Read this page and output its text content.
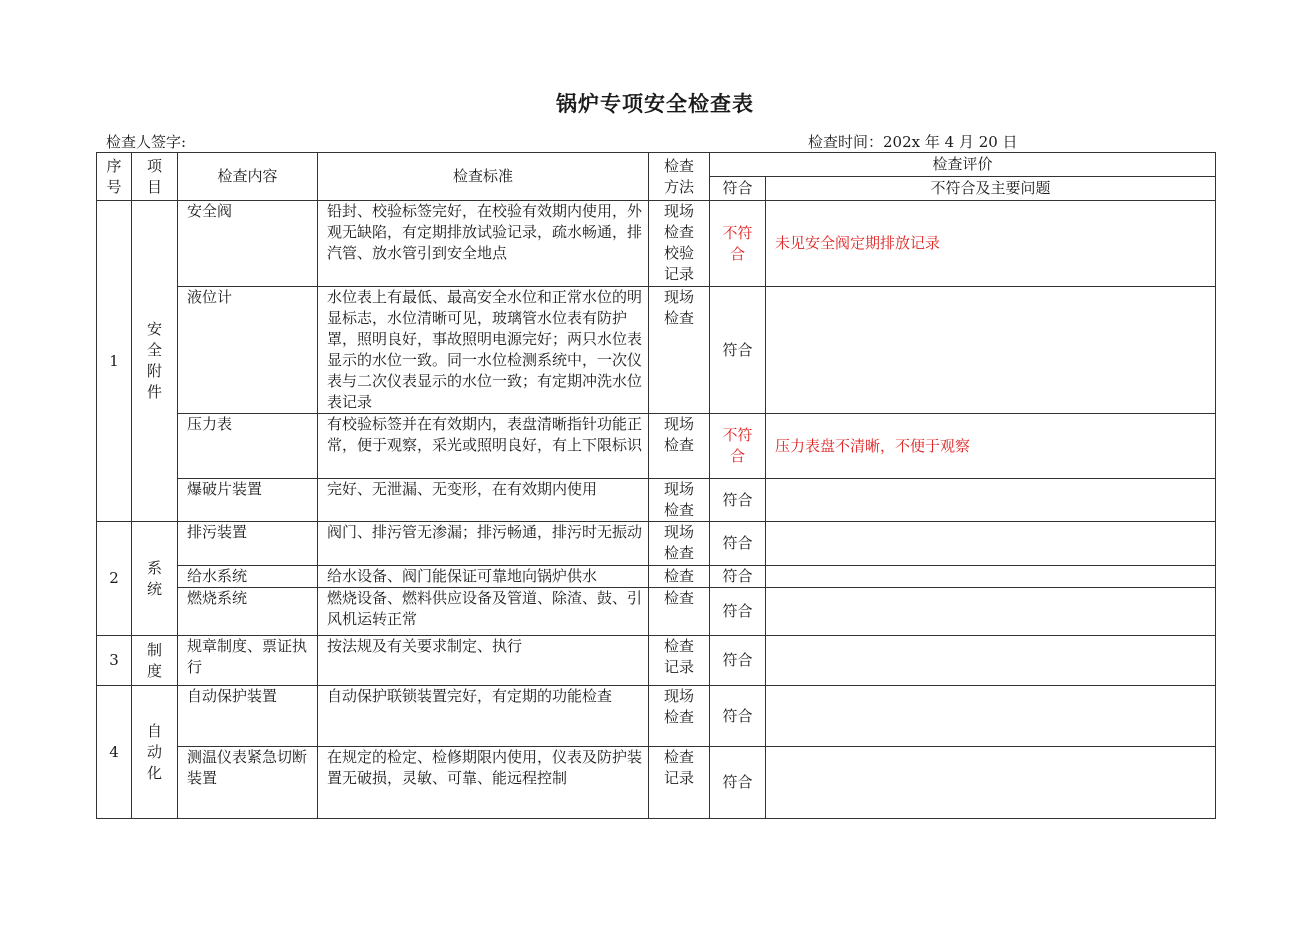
锅炉专项安全检查表
检查人签字:	检查时间：202x 年 4 月 20 日
序号	项目	检查内容	检查标准	检查方法	检查评价	
					符合	不符合及主要问题
1	安全附件	安全阀	铅封、校验标签完好，在校验有效期内使用，外观无缺陷，有定期排放试验记录，疏水畅通，排汽管、放水管引到安全地点	现场检查校验记录	不符合	未见安全阀定期排放记录
		液位计	水位表上有最低、最高安全水位和正常水位的明显标志，水位清晰可见，玻璃管水位表有防护罩，照明良好，事故照明电源完好；两只水位表显示的水位一致。同一水位检测系统中，一次仪表与二次仪表显示的水位一致；有定期冲洗水位表记录	现场检查	符合	
		压力表	有校验标签并在有效期内，表盘清晰指针功能正常，便于观察，采光或照明良好，有上下限标识	现场检查	不符合	压力表盘不清晰，不便于观察
		爆破片装置	完好、无泄漏、无变形，在有效期内使用	现场检查	符合	
2	系统	排污装置	阀门、排污管无渗漏；排污畅通，排污时无振动	现场检查	符合	
		给水系统	给水设备、阀门能保证可靠地向锅炉供水	检查	符合	
		燃烧系统	燃烧设备、燃料供应设备及管道、除渣、鼓、引风机运转正常	检查	符合	
3	制度	规章制度、票证执行	按法规及有关要求制定、执行	检查记录	符合	
4	自动化	自动保护装置	自动保护联锁装置完好，有定期的功能检查	现场检查	符合	
		测温仪表紧急切断装置	在规定的检定、检修期限内使用，仪表及防护装置无破损，灵敏、可靠、能远程控制	检查记录	符合	
